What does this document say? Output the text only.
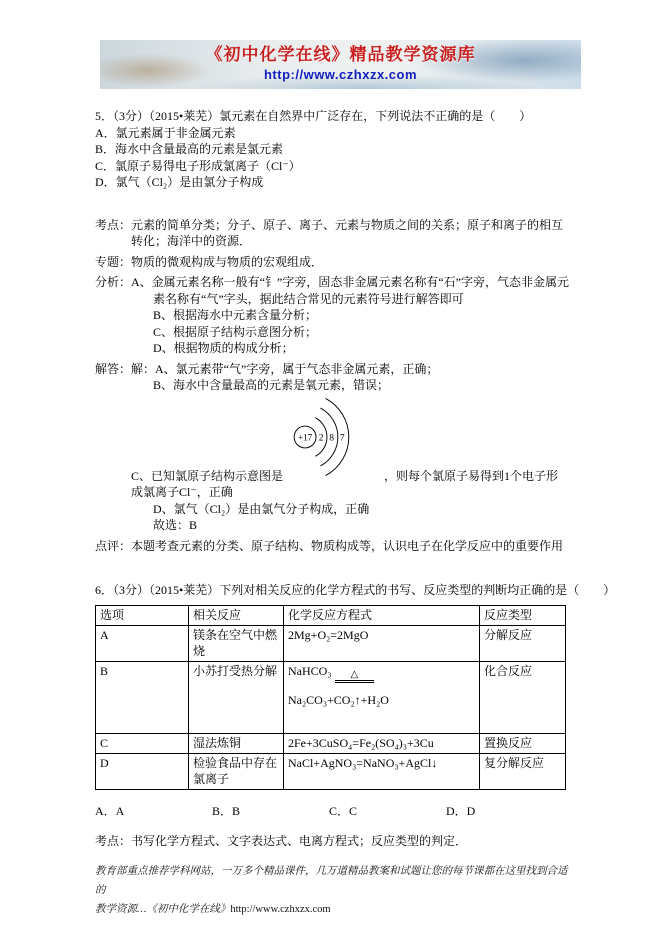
《初中化学在线》精品教学资源库
http://www.czhxzx.com

5．（3分）（2015•莱芜）氯元素在自然界中广泛存在，下列说法不正确的是（　　）

A．氯元素属于非金属元素

B．海水中含量最高的元素是氯元素

C．氯原子易得电子形成氯离子（Cl⁻）

D．氯气（Cl₂）是由氯分子构成

考点： 元素的简单分类；分子、原子、离子、元素与物质之间的关系；原子和离子的相互转化；海洋中的资源．
专题： 物质的微观构成与物质的宏观组成．
分析： A、金属元素名称一般有“钅”字旁，固态非金属元素名称有“石”字旁，气态非金属元素名称有“气”字头，据此结合常见的元素符号进行解答即可

B、根据海水中元素含量分析；

C、根据原子结构示意图分析；

D、根据物质的构成分析；

解答： 解：A、氯元素带“气”字旁，属于气态非金属元素，正确；

B、海水中含量最高的元素是氧元素，错误；

C、已知氯原子结构示意图是
+17 2 8 7
，则每个氯原子易得到1个电子形成氯离子Cl⁻，正确

D、氯气（Cl₂）是由氯气分子构成，正确

故选：B

点评： 本题考查元素的分类、原子结构、物质构成等，认识电子在化学反应中的重要作用

6．（3分）（2015•莱芜）下列对相关反应的化学方程式的书写、反应类型的判断均正确的是（　　）

选项	相关反应	化学反应方程式	反应类型
A	镁条在空气中燃烧	2Mg+O₂=2MgO	分解反应
B	小苏打受热分解	NaHCO₃ △
Na₂CO₃+CO₂↑+H₂O	化合反应
C	湿法炼铜	2Fe+3CuSO₄=Fe₂(SO₄)₃+3Cu	置换反应
D	检验食品中存在氯离子	NaCl+AgNO₃=NaNO₃+AgCl↓	复分解反应
A．A	B．B	C．C	D．D
考点： 书写化学方程式、文字表达式、电离方程式；反应类型的判定．

教育部重点推荐学科网站，一万多个精品课件，几万道精品教案和试题让您的每节课都在这里找到合适的

教学资源…《初中化学在线》http://www.czhxzx.com
